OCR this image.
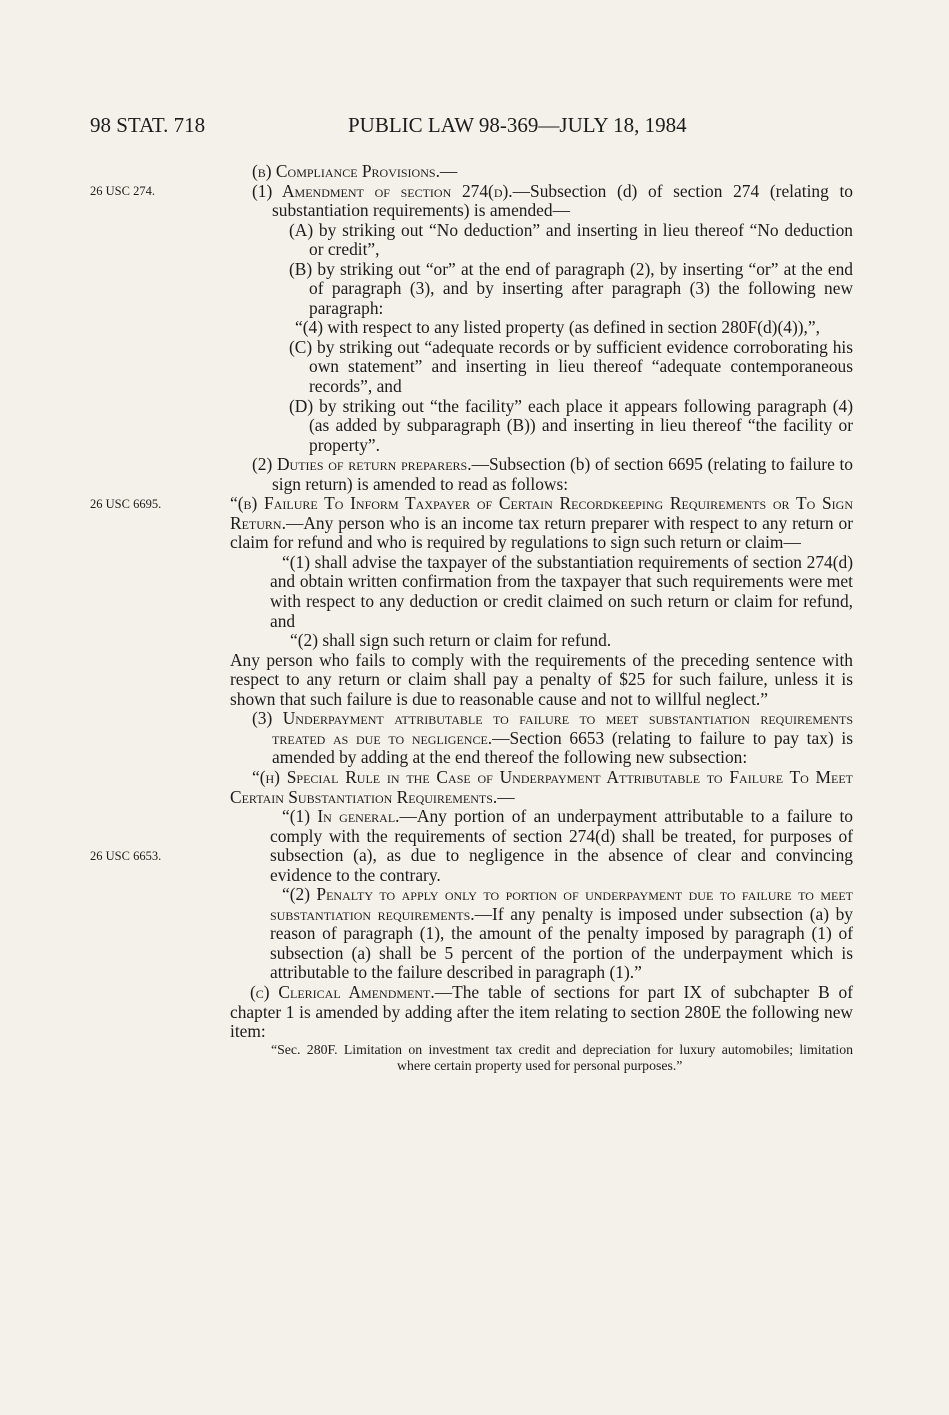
98 STAT. 718	PUBLIC LAW 98-369—JULY 18, 1984
26 USC 274.
26 USC 6695.
26 USC 6653.

(b) Compliance Provisions.—

(1) Amendment of section 274(d).—Subsection (d) of section 274 (relating to substantiation requirements) is amended—

(A) by striking out “No deduction” and inserting in lieu thereof “No deduction or credit”,

(B) by striking out “or” at the end of paragraph (2), by inserting “or” at the end of paragraph (3), and by inserting after paragraph (3) the following new paragraph:

“(4) with respect to any listed property (as defined in section 280F(d)(4)),”,

(C) by striking out “adequate records or by sufficient evidence corroborating his own statement” and inserting in lieu thereof “adequate contemporaneous records”, and

(D) by striking out “the facility” each place it appears following paragraph (4) (as added by subparagraph (B)) and inserting in lieu thereof “the facility or property”.

(2) Duties of return preparers.—Subsection (b) of section 6695 (relating to failure to sign return) is amended to read as follows:

“(b) Failure To Inform Taxpayer of Certain Recordkeeping Requirements or To Sign Return.—Any person who is an income tax return preparer with respect to any return or claim for refund and who is required by regulations to sign such return or claim—

“(1) shall advise the taxpayer of the substantiation requirements of section 274(d) and obtain written confirmation from the taxpayer that such requirements were met with respect to any deduction or credit claimed on such return or claim for refund, and

“(2) shall sign such return or claim for refund.

Any person who fails to comply with the requirements of the preceding sentence with respect to any return or claim shall pay a penalty of $25 for such failure, unless it is shown that such failure is due to reasonable cause and not to willful neglect.”

(3) Underpayment attributable to failure to meet substantiation requirements treated as due to negligence.—Section 6653 (relating to failure to pay tax) is amended by adding at the end thereof the following new subsection:

“(h) Special Rule in the Case of Underpayment Attributable to Failure To Meet Certain Substantiation Requirements.—

“(1) In general.—Any portion of an underpayment attributable to a failure to comply with the requirements of section 274(d) shall be treated, for purposes of subsection (a), as due to negligence in the absence of clear and convincing evidence to the contrary.

“(2) Penalty to apply only to portion of underpayment due to failure to meet substantiation requirements.—If any penalty is imposed under subsection (a) by reason of paragraph (1), the amount of the penalty imposed by paragraph (1) of subsection (a) shall be 5 percent of the portion of the underpayment which is attributable to the failure described in paragraph (1).”

(c) Clerical Amendment.—The table of sections for part IX of subchapter B of chapter 1 is amended by adding after the item relating to section 280E the following new item:

“Sec. 280F. Limitation on investment tax credit and depreciation for luxury automobiles; limitation where certain property used for personal purposes.”
